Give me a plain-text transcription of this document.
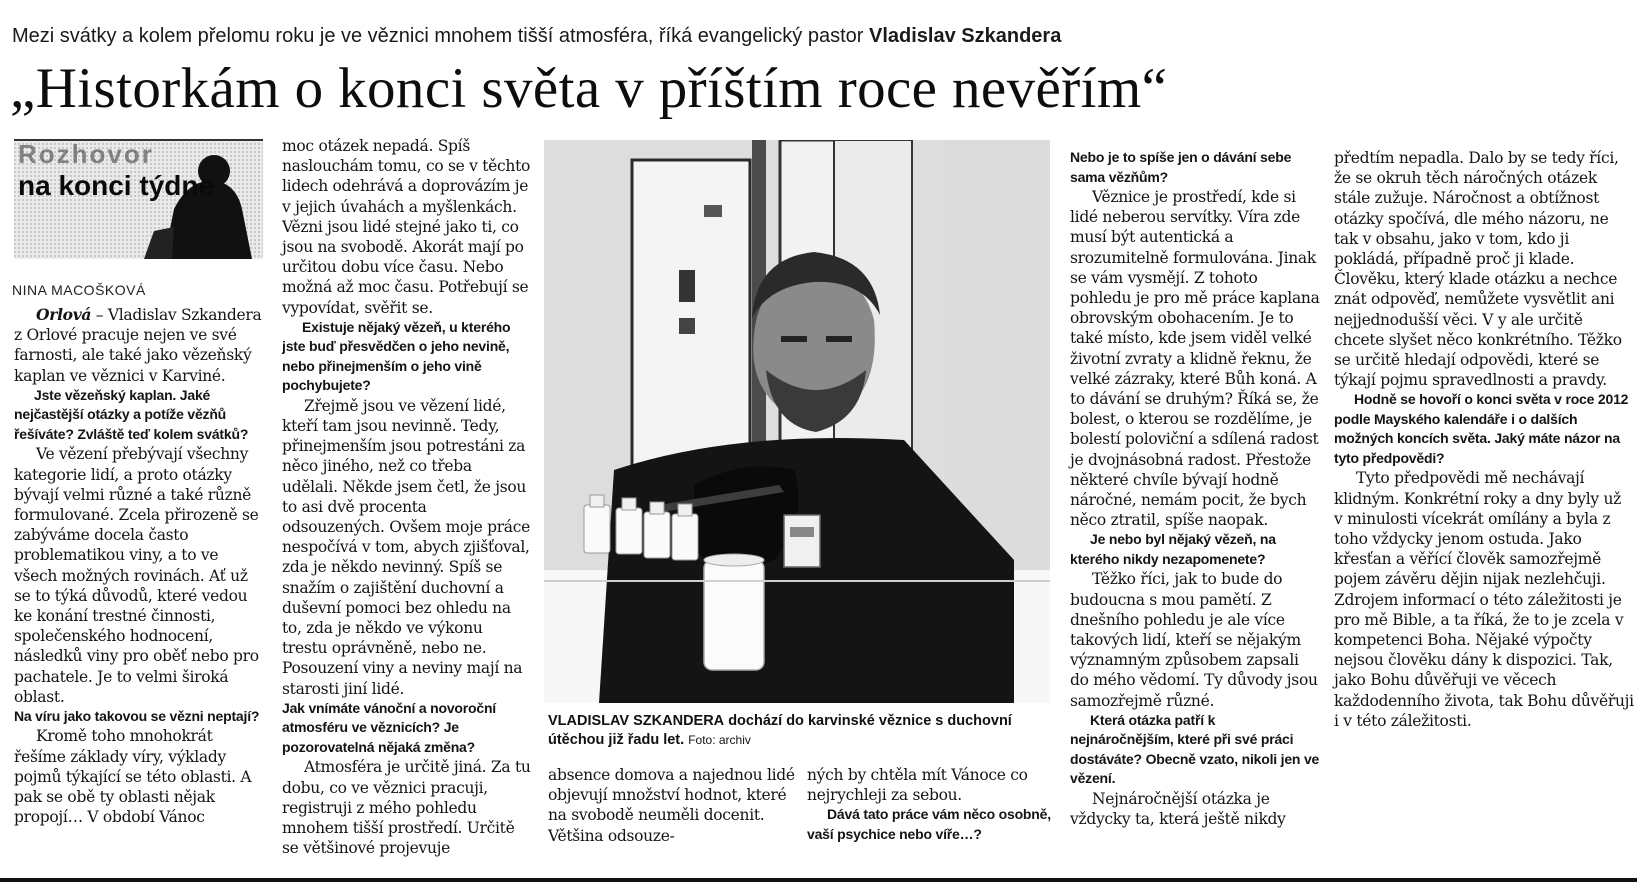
Mezi svátky a kolem přelomu roku je ve věznici mnohem tišší atmosféra, říká evangelický pastor Vladislav Szkandera
„Historkám o konci světa v příštím roce nevěřím“
Rozhovor
na konci týdne
NINA MACOŠKOVÁ
Orlová – Vladislav Szkandera z Orlové pracuje nejen ve své farnosti, ale také jako vězeňský kaplan ve věznici v Karviné.
Jste vězeňský kaplan. Jaké nejčastější otázky a potíže vězňů řešíváte? Zvláště teď kolem svátků?
Ve vězení přebývají všechny kategorie lidí, a proto otázky bývají velmi různé a také různě formulované. Zcela přirozeně se zabýváme docela často problematikou viny, a to ve všech možných rovinách. Ať už se to týká důvodů, které vedou ke konání trestné činnosti, společenského hodnocení, následků viny pro oběť nebo pro pachatele. Je to velmi široká oblast.
Na víru jako takovou se vězni neptají?
Kromě toho mnohokrát řešíme základy víry, výklady pojmů týkající se této oblasti. A pak se obě ty oblasti nějak propojí… V období Vánoc
moc otázek nepadá. Spíš naslouchám tomu, co se v těchto lidech odehrává a doprovázím je v jejich úvahách a myšlenkách. Vězni jsou lidé stejné jako ti, co jsou na svobodě. Akorát mají po určitou dobu více času. Nebo možná až moc času. Potřebují se vypovídat, svěřit se.
Existuje nějaký vězeň, u kterého jste buď přesvědčen o jeho nevině, nebo přinejmenším o jeho vině pochybujete?
Zřejmě jsou ve vězení lidé, kteří tam jsou nevinně. Tedy, přinejmenším jsou potrestáni za něco jiného, než co třeba udělali. Někde jsem četl, že jsou to asi dvě procenta odsouzených. Ovšem moje práce nespočívá v tom, abych zjišťoval, zda je někdo nevinný. Spíš se snažím o zajištění duchovní a duševní pomoci bez ohledu na to, zda je někdo ve výkonu trestu oprávněně, nebo ne. Posouzení viny a neviny mají na starosti jiní lidé.
Jak vnímáte vánoční a novoroční atmosféru ve věznicích? Je pozorovatelná nějaká změna?
Atmosféra je určitě jiná. Za tu dobu, co ve věznici pracuji, registruji z mého pohledu mnohem tišší prostředí. Určitě se většinové projevuje
VLADISLAV SZKANDERA dochází do karvinské věznice s duchovní útěchou již řadu let. Foto: archiv
absence domova a najednou lidé objevují množství hodnot, které na svobodě neuměli docenit. Většina odsouze-
ných by chtěla mít Vánoce co nejrychleji za sebou.
Dává tato práce vám něco osobně, vaší psychice nebo víře…?
Nebo je to spíše jen o dávání sebe sama vězňům?
Věznice je prostředí, kde si lidé neberou servítky. Víra zde musí být autentická a srozumitelně formulována. Jinak se vám vysmějí. Z tohoto pohledu je pro mě práce kaplana obrovským obohacením. Je to také místo, kde jsem viděl velké životní zvraty a klidně řeknu, že velké zázraky, které Bůh koná. A to dávání se druhým? Říká se, že bolest, o kterou se rozdělíme, je bolestí poloviční a sdílená radost je dvojnásobná radost. Přestože některé chvíle bývají hodně náročné, nemám pocit, že bych něco ztratil, spíše naopak.
Je nebo byl nějaký vězeň, na kterého nikdy nezapomenete?
Těžko říci, jak to bude do budoucna s mou pamětí. Z dnešního pohledu je ale více takových lidí, kteří se nějakým významným způsobem zapsali do mého vědomí. Ty důvody jsou samozřejmě různé.
Která otázka patří k nejnáročnějším, které při své práci dostáváte? Obecně vzato, nikoli jen ve vězení.
Nejnáročnější otázka je vždycky ta, která ještě nikdy
předtím nepadla. Dalo by se tedy říci, že se okruh těch náročných otázek stále zužuje. Náročnost a obtížnost otázky spočívá, dle mého názoru, ne tak v obsahu, jako v tom, kdo ji pokládá, případně proč ji klade. Člověku, který klade otázku a nechce znát odpověď, nemůžete vysvětlit ani nejjednodušší věci. V y ale určitě chcete slyšet něco konkrétního. Těžko se určitě hledají odpovědi, které se týkají pojmu spravedlnosti a pravdy.
Hodně se hovoří o konci světa v roce 2012 podle Mayského kalendáře i o dalších možných koncích světa. Jaký máte názor na tyto předpovědi?
Tyto předpovědi mě nechávají klidným. Konkrétní roky a dny byly už v minulosti vícekrát omílány a byla z toho vždycky jenom ostuda. Jako křesťan a věřící člověk samozřejmě pojem závěru dějin nijak nezlehčuji. Zdrojem informací o této záležitosti je pro mě Bible, a ta říká, že to je zcela v kompetenci Boha. Nějaké výpočty nejsou člověku dány k dispozici. Tak, jako Bohu důvěřuji ve věcech každodenního života, tak Bohu důvěřuji i v této záležitosti.
